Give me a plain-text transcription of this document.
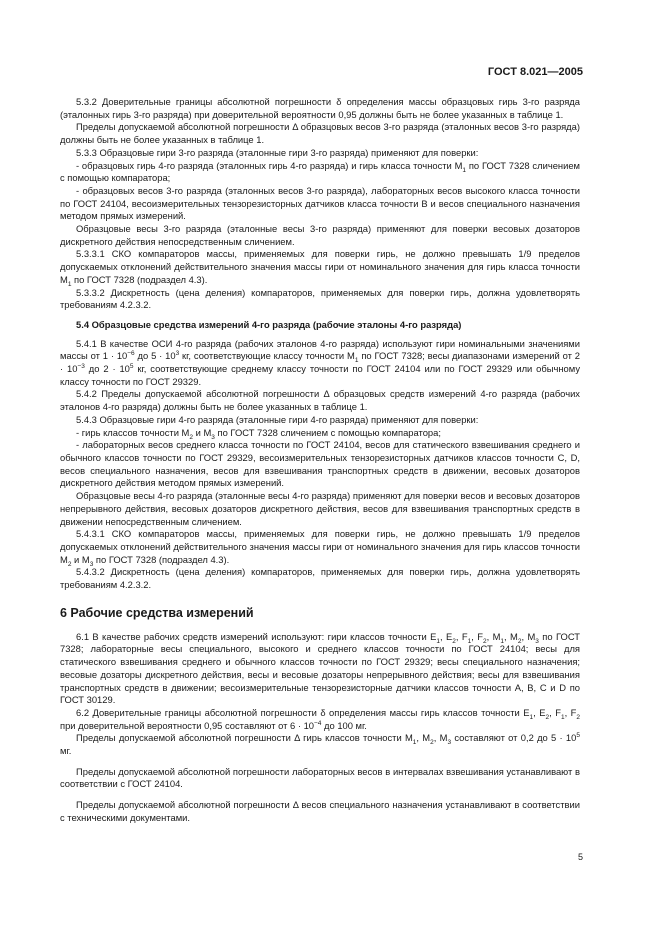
ГОСТ 8.021—2005

5.3.2 Доверительные границы абсолютной погрешности δ определения массы образцовых гирь 3-го разряда (эталонных гирь 3-го разряда) при доверительной вероятности 0,95 должны быть не более указанных в таблице 1.

Пределы допускаемой абсолютной погрешности Δ образцовых весов 3-го разряда (эталонных весов 3-го разряда) должны быть не более указанных в таблице 1.

5.3.3 Образцовые гири 3-го разряда (эталонные гири 3-го разряда) применяют для поверки:

- образцовых гирь 4-го разряда (эталонных гирь 4-го разряда) и гирь класса точности $M_1$ по ГОСТ 7328 сличением с помощью компаратора;

- образцовых весов 3-го разряда (эталонных весов 3-го разряда), лабораторных весов высокого класса точности по ГОСТ 24104, весоизмерительных тензорезисторных датчиков класса точности B и весов специального назначения методом прямых измерений.

Образцовые весы 3-го разряда (эталонные весы 3-го разряда) применяют для поверки весовых дозаторов дискретного действия непосредственным сличением.

5.3.3.1 СКО компараторов массы, применяемых для поверки гирь, не должно превышать 1/9 пределов допускаемых отклонений действительного значения массы гири от номинального значения для гирь класса точности $M_1$ по ГОСТ 7328 (подраздел 4.3).

5.3.3.2 Дискретность (цена деления) компараторов, применяемых для поверки гирь, должна удовлетворять требованиям 4.2.3.2.

5.4 Образцовые средства измерений 4-го разряда (рабочие эталоны 4-го разряда)

5.4.1 В качестве ОСИ 4-го разряда (рабочих эталонов 4-го разряда) используют гири номинальными значениями массы от $1 \cdot 10^{-6}$ до $5 \cdot 10^3$ кг, соответствующие классу точности $M_1$ по ГОСТ 7328; весы диапазонами измерений от $2 \cdot 10^{-3}$ до $2 \cdot 10^5$ кг, соответствующие среднему классу точности по ГОСТ 24104 или по ГОСТ 29329 или обычному классу точности по ГОСТ 29329.

5.4.2 Пределы допускаемой абсолютной погрешности Δ образцовых средств измерений 4-го разряда (рабочих эталонов 4-го разряда) должны быть не более указанных в таблице 1.

5.4.3 Образцовые гири 4-го разряда (эталонные гири 4-го разряда) применяют для поверки:

- гирь классов точности $M_2$ и $M_3$ по ГОСТ 7328 сличением с помощью компаратора;

- лабораторных весов среднего класса точности по ГОСТ 24104, весов для статического взвешивания среднего и обычного классов точности по ГОСТ 29329, весоизмерительных тензорезисторных датчиков классов точности C, D, весов специального назначения, весов для взвешивания транспортных средств в движении, весовых дозаторов дискретного действия методом прямых измерений.

Образцовые весы 4-го разряда (эталонные весы 4-го разряда) применяют для поверки весов и весовых дозаторов непрерывного действия, весовых дозаторов дискретного действия, весов для взвешивания транспортных средств в движении непосредственным сличением.

5.4.3.1 СКО компараторов массы, применяемых для поверки гирь, не должно превышать 1/9 пределов допускаемых отклонений действительного значения массы гири от номинального значения для гирь классов точности $M_2$ и $M_3$ по ГОСТ 7328 (подраздел 4.3).

5.4.3.2 Дискретность (цена деления) компараторов, применяемых для поверки гирь, должна удовлетворять требованиям 4.2.3.2.

6 Рабочие средства измерений

6.1 В качестве рабочих средств измерений используют: гири классов точности $E_1$, $E_2$, $F_1$, $F_2$, $M_1$, $M_2$, $M_3$ по ГОСТ 7328; лабораторные весы специального, высокого и среднего классов точности по ГОСТ 24104; весы для статического взвешивания среднего и обычного классов точности по ГОСТ 29329; весы специального назначения; весовые дозаторы дискретного действия, весы и весовые дозаторы непрерывного действия; весы для взвешивания транспортных средств в движении; весоизмерительные тензорезисторные датчики классов точности A, B, C и D по ГОСТ 30129.

6.2 Доверительные границы абсолютной погрешности δ определения массы гирь классов точности $E_1$, $E_2$, $F_1$, $F_2$ при доверительной вероятности 0,95 составляют от $6 \cdot 10^{-4}$ до 100 мг.

Пределы допускаемой абсолютной погрешности Δ гирь классов точности $M_1$, $M_2$, $M_3$ составляют от 0,2 до $5 \cdot 10^5$ мг.

Пределы допускаемой абсолютной погрешности лабораторных весов в интервалах взвешивания устанавливают в соответствии с ГОСТ 24104.

Пределы допускаемой абсолютной погрешности Δ весов специального назначения устанавливают в соответствии с техническими документами.

5
